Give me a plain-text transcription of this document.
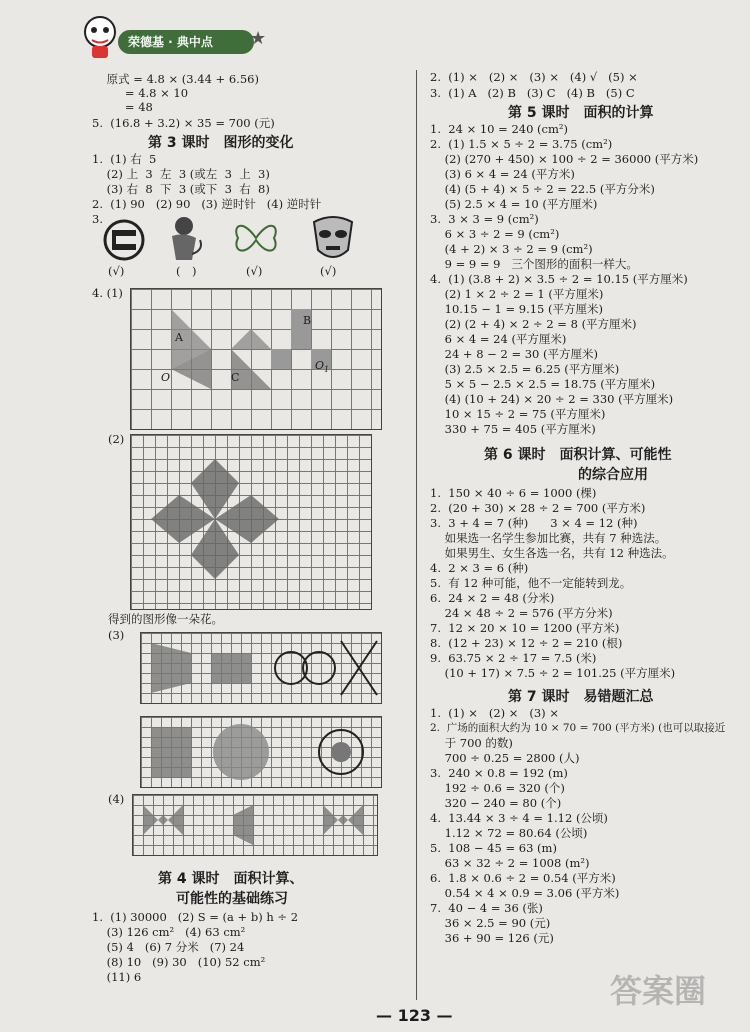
荣德基 · 典中点	★
原式 = 4.8 × (3.44 + 6.56)
= 4.8 × 10
= 48
5.  (16.8 + 3.2) × 35 = 700 (元)
第 3 课时　图形的变化
1.  (1) 右  5
(2) 上  3  左  3 (或左  3  上  3)
(3) 右  8  下  3 (或下  3  右  8)
2.  (1) 90   (2) 90   (3) 逆时针   (4) 逆时针
3.
(√)	(　)	(√)	(√)
4. (1)
A
B
C
O
$O_1$
(2)
得到的图形像一朵花。
(3)
(4)
第 4 课时　面积计算、
可能性的基础练习
1.  (1) 30000   (2) S = (a + b) h ÷ 2
(3) 126 cm²   (4) 63 cm²
(5) 4   (6) 7 分米   (7) 24
(8) 10   (9) 30   (10) 52 cm²
(11) 6
2.  (1) ×   (2) ×   (3) ×   (4) √   (5) ×
3.  (1) A   (2) B   (3) C   (4) B   (5) C
第 5 课时　面积的计算
1.  24 × 10 = 240 (cm²)
2.  (1) 1.5 × 5 ÷ 2 = 3.75 (cm²)
(2) (270 + 450) × 100 ÷ 2 = 36000 (平方米)
(3) 6 × 4 = 24 (平方米)
(4) (5 + 4) × 5 ÷ 2 = 22.5 (平方分米)
(5) 2.5 × 4 = 10 (平方厘米)
3.  3 × 3 = 9 (cm²)
6 × 3 ÷ 2 = 9 (cm²)
(4 + 2) × 3 ÷ 2 = 9 (cm²)
9 = 9 = 9   三个图形的面积一样大。
4.  (1) (3.8 + 2) × 3.5 ÷ 2 = 10.15 (平方厘米)
(2) 1 × 2 ÷ 2 = 1 (平方厘米)
10.15 − 1 = 9.15 (平方厘米)
(2) (2 + 4) × 2 ÷ 2 = 8 (平方厘米)
6 × 4 = 24 (平方厘米)
24 + 8 − 2 = 30 (平方厘米)
(3) 2.5 × 2.5 = 6.25 (平方厘米)
5 × 5 − 2.5 × 2.5 = 18.75 (平方厘米)
(4) (10 + 24) × 20 ÷ 2 = 330 (平方厘米)
10 × 15 ÷ 2 = 75 (平方厘米)
330 + 75 = 405 (平方厘米)
第 6 课时　面积计算、可能性
的综合应用
1.  150 × 40 ÷ 6 = 1000 (棵)
2.  (20 + 30) × 28 ÷ 2 = 700 (平方米)
3.  3 + 4 = 7 (种)      3 × 4 = 12 (种)
如果选一名学生参加比赛，共有 7 种选法。
如果男生、女生各选一名，共有 12 种选法。
4.  2 × 3 = 6 (种)
5.  有 12 种可能，他不一定能转到龙。
6.  24 × 2 = 48 (分米)
24 × 48 ÷ 2 = 576 (平方分米)
7.  12 × 20 × 10 = 1200 (平方米)
8.  (12 + 23) × 12 ÷ 2 = 210 (根)
9.  63.75 × 2 ÷ 17 = 7.5 (米)
(10 + 17) × 7.5 ÷ 2 = 101.25 (平方厘米)
第 7 课时　易错题汇总
1.  (1) ×   (2) ×   (3) ×
2.  广场的面积大约为 10 × 70 = 700 (平方米) (也可以取接近
于 700 的数)
700 ÷ 0.25 = 2800 (人)
3.  240 × 0.8 = 192 (m)
192 ÷ 0.6 = 320 (个)
320 − 240 = 80 (个)
4.  13.44 × 3 ÷ 4 = 1.12 (公顷)
1.12 × 72 = 80.64 (公顷)
5.  108 − 45 = 63 (m)
63 × 32 ÷ 2 = 1008 (m²)
6.  1.8 × 0.6 ÷ 2 = 0.54 (平方米)
0.54 × 4 × 0.9 = 3.06 (平方米)
7.  40 − 4 = 36 (张)
36 × 2.5 = 90 (元)
36 + 90 = 126 (元)
— 123 —
答案圈
